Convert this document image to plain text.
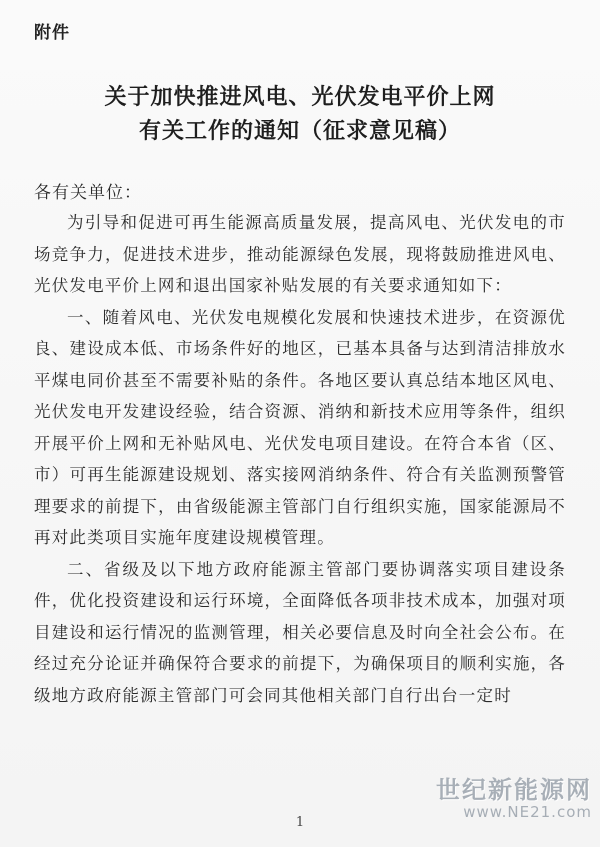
附件
关于加快推进风电、光伏发电平价上网
有关工作的通知（征求意见稿）
各有关单位：

为引导和促进可再生能源高质量发展，提高风电、光伏发电的市场竞争力，促进技术进步，推动能源绿色发展，现将鼓励推进风电、光伏发电平价上网和退出国家补贴发展的有关要求通知如下：

一、随着风电、光伏发电规模化发展和快速技术进步，在资源优良、建设成本低、市场条件好的地区，已基本具备与达到清洁排放水平煤电同价甚至不需要补贴的条件。各地区要认真总结本地区风电、光伏发电开发建设经验，结合资源、消纳和新技术应用等条件，组织开展平价上网和无补贴风电、光伏发电项目建设。在符合本省（区、市）可再生能源建设规划、落实接网消纳条件、符合有关监测预警管理要求的前提下，由省级能源主管部门自行组织实施，国家能源局不再对此类项目实施年度建设规模管理。

二、省级及以下地方政府能源主管部门要协调落实项目建设条件，优化投资建设和运行环境，全面降低各项非技术成本，加强对项目建设和运行情况的监测管理，相关必要信息及时向全社会公布。在经过充分论证并确保符合要求的前提下，为确保项目的顺利实施，各级地方政府能源主管部门可会同其他相关部门自行出台一定时

1
世纪新能源网
www.NE21.com
